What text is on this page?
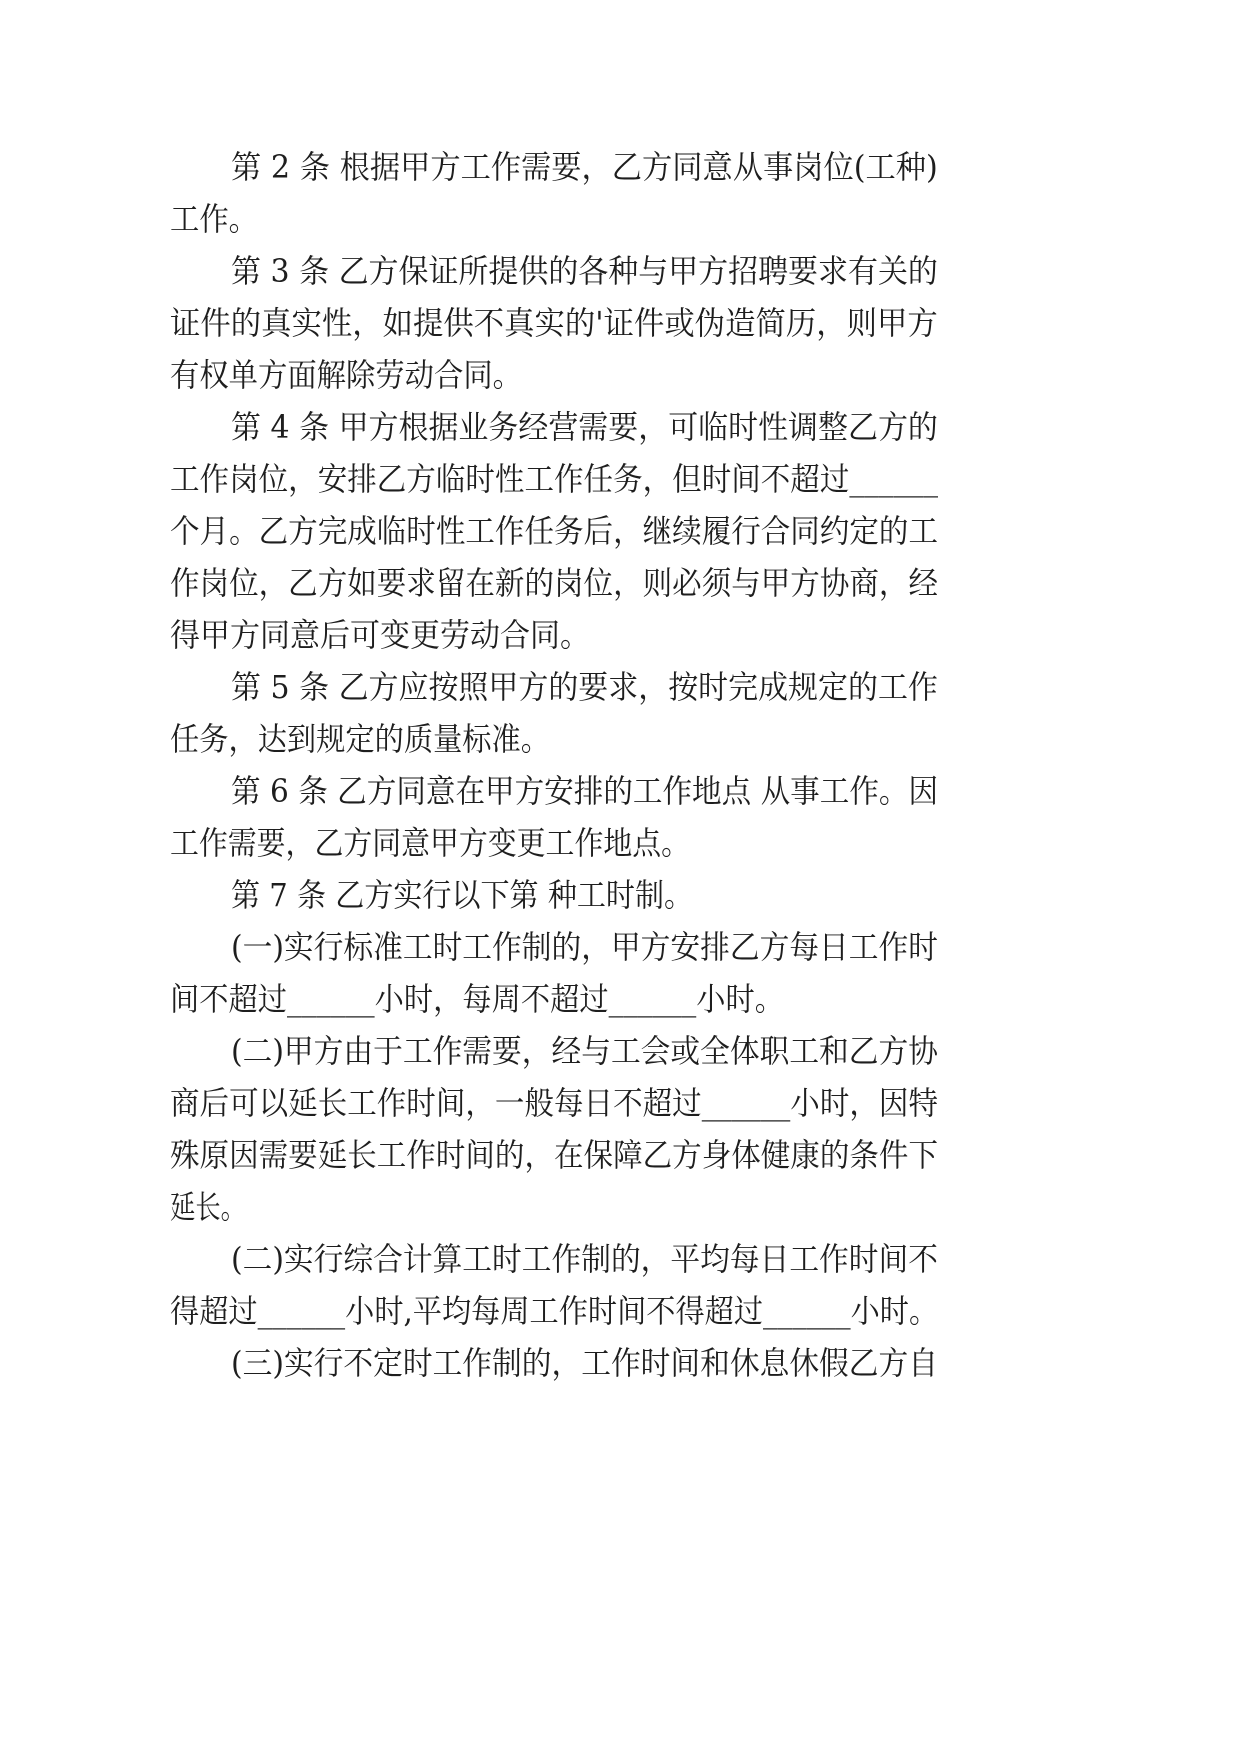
第 2 条 根据甲方工作需要，乙方同意从事岗位(工种)
工作。
第 3 条 乙方保证所提供的各种与甲方招聘要求有关的
证件的真实性，如提供不真实的'证件或伪造简历，则甲方
有权单方面解除劳动合同。
第 4 条 甲方根据业务经营需要，可临时性调整乙方的
工作岗位，安排乙方临时性工作任务，但时间不超过______
个月。乙方完成临时性工作任务后，继续履行合同约定的工
作岗位，乙方如要求留在新的岗位，则必须与甲方协商，经
得甲方同意后可变更劳动合同。
第 5 条 乙方应按照甲方的要求，按时完成规定的工作
任务，达到规定的质量标准。
第 6 条 乙方同意在甲方安排的工作地点 从事工作。因
工作需要，乙方同意甲方变更工作地点。
第 7 条 乙方实行以下第 种工时制。
(一)实行标准工时工作制的，甲方安排乙方每日工作时
间不超过______小时，每周不超过______小时。
(二)甲方由于工作需要，经与工会或全体职工和乙方协
商后可以延长工作时间，一般每日不超过______小时，因特
殊原因需要延长工作时间的，在保障乙方身体健康的条件下
延长。
(二)实行综合计算工时工作制的，平均每日工作时间不
得超过______小时,平均每周工作时间不得超过______小时。
(三)实行不定时工作制的，工作时间和休息休假乙方自
